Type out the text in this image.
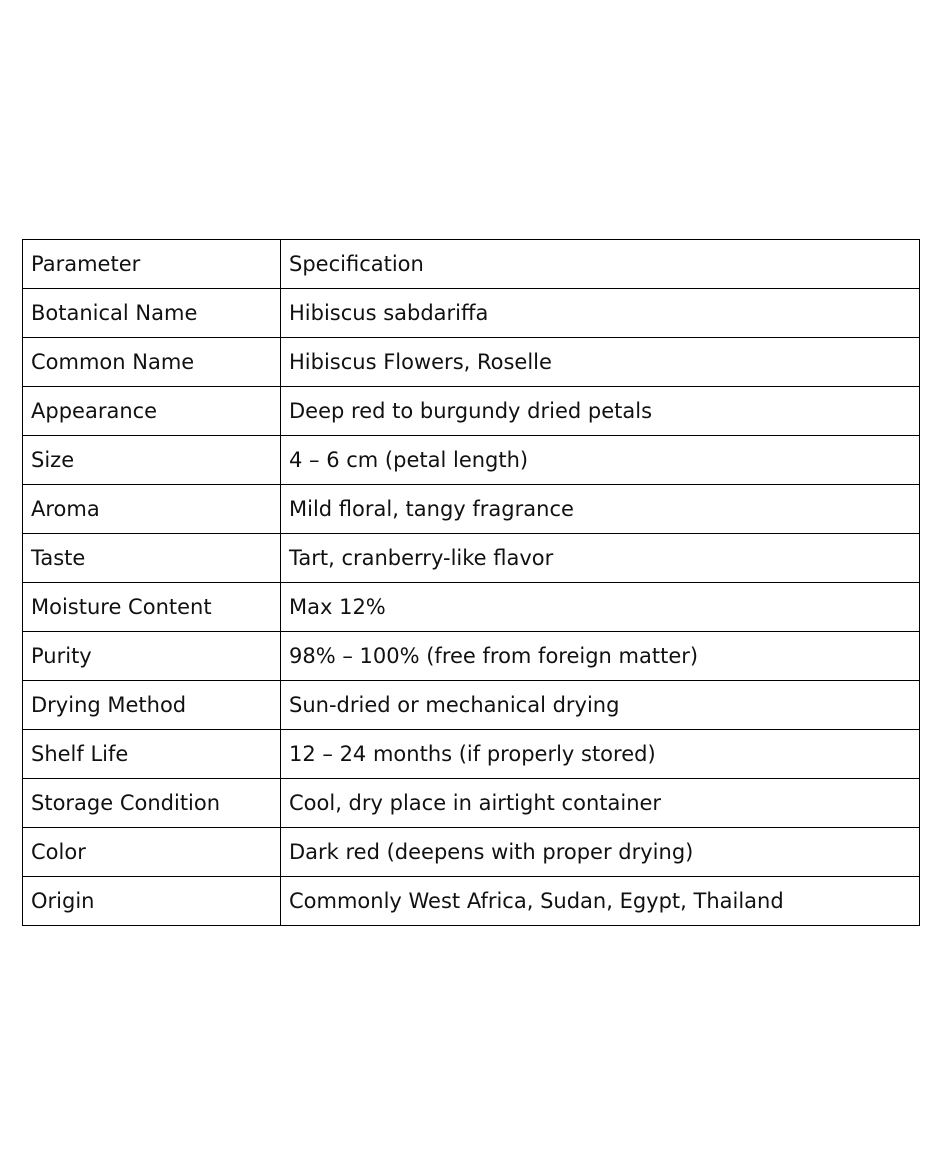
Parameter	Specification
Botanical Name	Hibiscus sabdariffa
Common Name	Hibiscus Flowers, Roselle
Appearance	Deep red to burgundy dried petals
Size	4 – 6 cm (petal length)
Aroma	Mild floral, tangy fragrance
Taste	Tart, cranberry-like flavor
Moisture Content	Max 12%
Purity	98% – 100% (free from foreign matter)
Drying Method	Sun-dried or mechanical drying
Shelf Life	12 – 24 months (if properly stored)
Storage Condition	Cool, dry place in airtight container
Color	Dark red (deepens with proper drying)
Origin	Commonly West Africa, Sudan, Egypt, Thailand
